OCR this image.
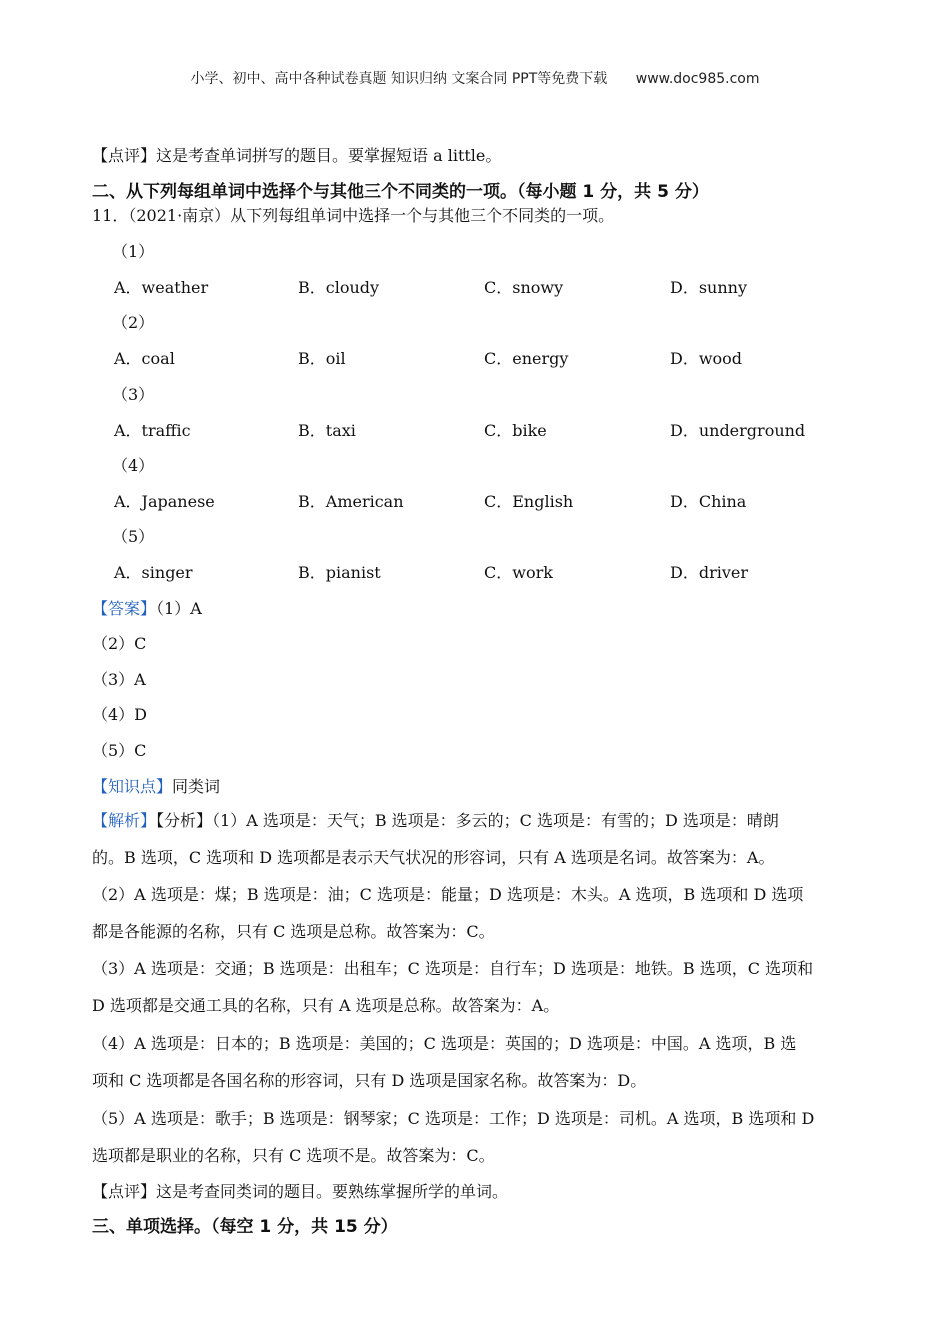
小学、初中、高中各种试卷真题 知识归纳 文案合同 PPT等免费下载 www.doc985.com
【点评】这是考查单词拼写的题目。要掌握短语 a little。
二、从下列每组单词中选择个与其他三个不同类的一项。（每小题 1 分，共 5 分）
11．（2021·南京）从下列每组单词中选择一个与其他三个不同类的一项。
（1）
A．weather	B．cloudy	C．snowy	D．sunny
（2）
A．coal	B．oil	C．energy	D．wood
（3）
A．traffic	B．taxi	C．bike	D．underground
（4）
A．Japanese	B．American	C．English	D．China
（5）
A．singer	B．pianist	C．work	D．driver
【答案】（1）A
（2）C
（3）A
（4）D
（5）C
【知识点】同类词
【解析】【分析】（1）A 选项是：天气；B 选项是：多云的；C 选项是：有雪的；D 选项是：晴朗
的。B 选项，C 选项和 D 选项都是表示天气状况的形容词，只有 A 选项是名词。故答案为：A。
（2）A 选项是：煤；B 选项是：油；C 选项是：能量；D 选项是：木头。A 选项，B 选项和 D 选项
都是各能源的名称，只有 C 选项是总称。故答案为：C。
（3）A 选项是：交通；B 选项是：出租车；C 选项是：自行车；D 选项是：地铁。B 选项，C 选项和
D 选项都是交通工具的名称，只有 A 选项是总称。故答案为：A。
（4）A 选项是：日本的；B 选项是：美国的；C 选项是：英国的；D 选项是：中国。A 选项，B 选
项和 C 选项都是各国名称的形容词，只有 D 选项是国家名称。故答案为：D。
（5）A 选项是：歌手；B 选项是：钢琴家；C 选项是：工作；D 选项是：司机。A 选项，B 选项和 D
选项都是职业的名称，只有 C 选项不是。故答案为：C。
【点评】这是考查同类词的题目。要熟练掌握所学的单词。
三、单项选择。（每空 1 分，共 15 分）
